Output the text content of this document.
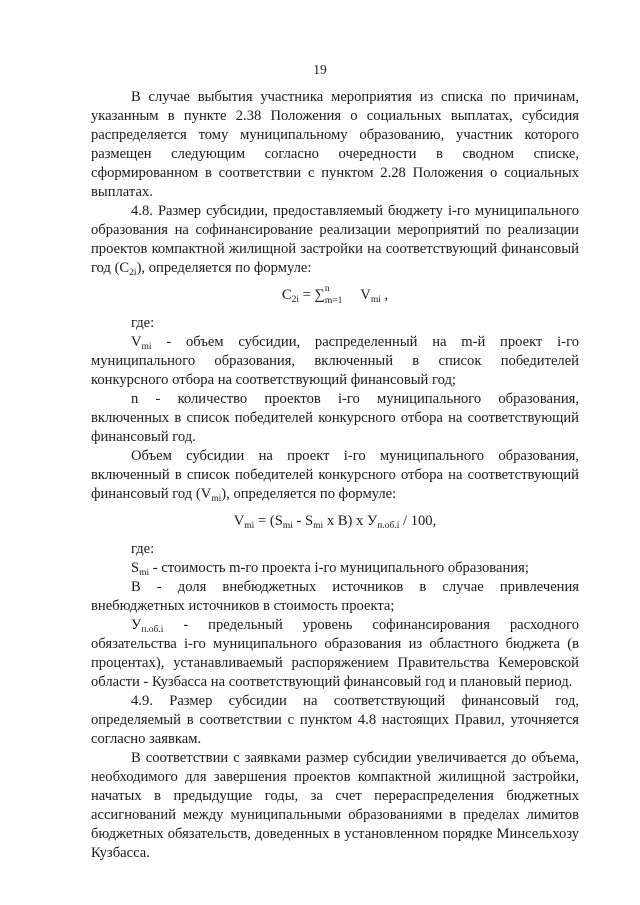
19

В случае выбытия участника мероприятия из списка по причинам, указанным в пункте 2.38 Положения о социальных выплатах, субсидия распределяется тому муниципальному образованию, участник которого размещен следующим согласно очередности в сводном списке, сформированном в соответствии с пунктом 2.28 Положения о социальных выплатах.

4.8. Размер субсидии, предоставляемый бюджету i-го муниципального образования на софинансирование реализации мероприятий по реализации проектов компактной жилищной застройки на соответствующий финансовый год $(C_{2i})$, определяется по формуле:

$C_{2i}$ = ∑ n
m=1 $V_{mi}$ ,

где:

$V_{mi}$ - объем субсидии, распределенный на m-й проект i-го муниципального образования, включенный в список победителей конкурсного отбора на соответствующий финансовый год;

n - количество проектов i-го муниципального образования, включенных в список победителей конкурсного отбора на соответствующий финансовый год.

Объем субсидии на проект i-го муниципального образования, включенный в список победителей конкурсного отбора на соответствующий финансовый год $(V_{mi})$, определяется по формуле:

$V_{mi} = (S_{mi} - S_{mi}$ x B) x $У_{п.об.i} / 100$,

где:

$S_{mi}$ - стоимость m-го проекта i-го муниципального образования;

B - доля внебюджетных источников в случае привлечения внебюджетных источников в стоимость проекта;

$У_{п.об.i}$ - предельный уровень софинансирования расходного обязательства i-го муниципального образования из областного бюджета (в процентах), устанавливаемый распоряжением Правительства Кемеровской области - Кузбасса на соответствующий финансовый год и плановый период.

4.9. Размер субсидии на соответствующий финансовый год, определяемый в соответствии с пунктом 4.8 настоящих Правил, уточняется согласно заявкам.

В соответствии с заявками размер субсидии увеличивается до объема, необходимого для завершения проектов компактной жилищной застройки, начатых в предыдущие годы, за счет перераспределения бюджетных ассигнований между муниципальными образованиями в пределах лимитов бюджетных обязательств, доведенных в установленном порядке Минсельхозу Кузбасса.
